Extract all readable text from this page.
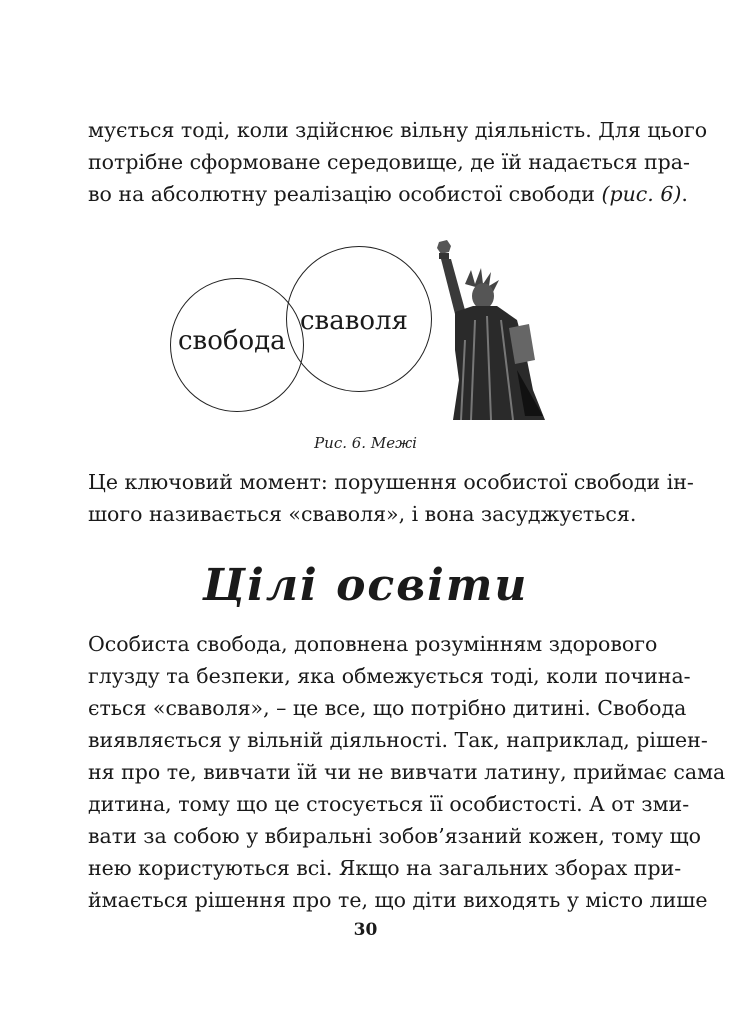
мується тоді, коли здійснює вільну діяльність. Для цього
потрібне сформоване середовище, де їй надається пра-
во на абсолютну реалізацію особистої свободи (рис. 6).
свобода
сваволя
Рис. 6. Межі
Це ключовий момент: порушення особистої свободи ін-
шого називається «сваволя», і вона засуджується.
Цілі освіти
Особиста свобода, доповнена розумінням здорового
глузду та безпеки, яка обмежується тоді, коли почина-
ється «сваволя», – це все, що потрібно дитині. Свобода
виявляється у вільній діяльності. Так, наприклад, рішен-
ня про те, вивчати їй чи не вивчати латину, приймає сама
дитина, тому що це стосується її особистості. А от зми-
вати за собою у вбиральні зобов’язаний кожен, тому що
нею користуються всі. Якщо на загальних зборах при-
ймається рішення про те, що діти виходять у місто лише
30
